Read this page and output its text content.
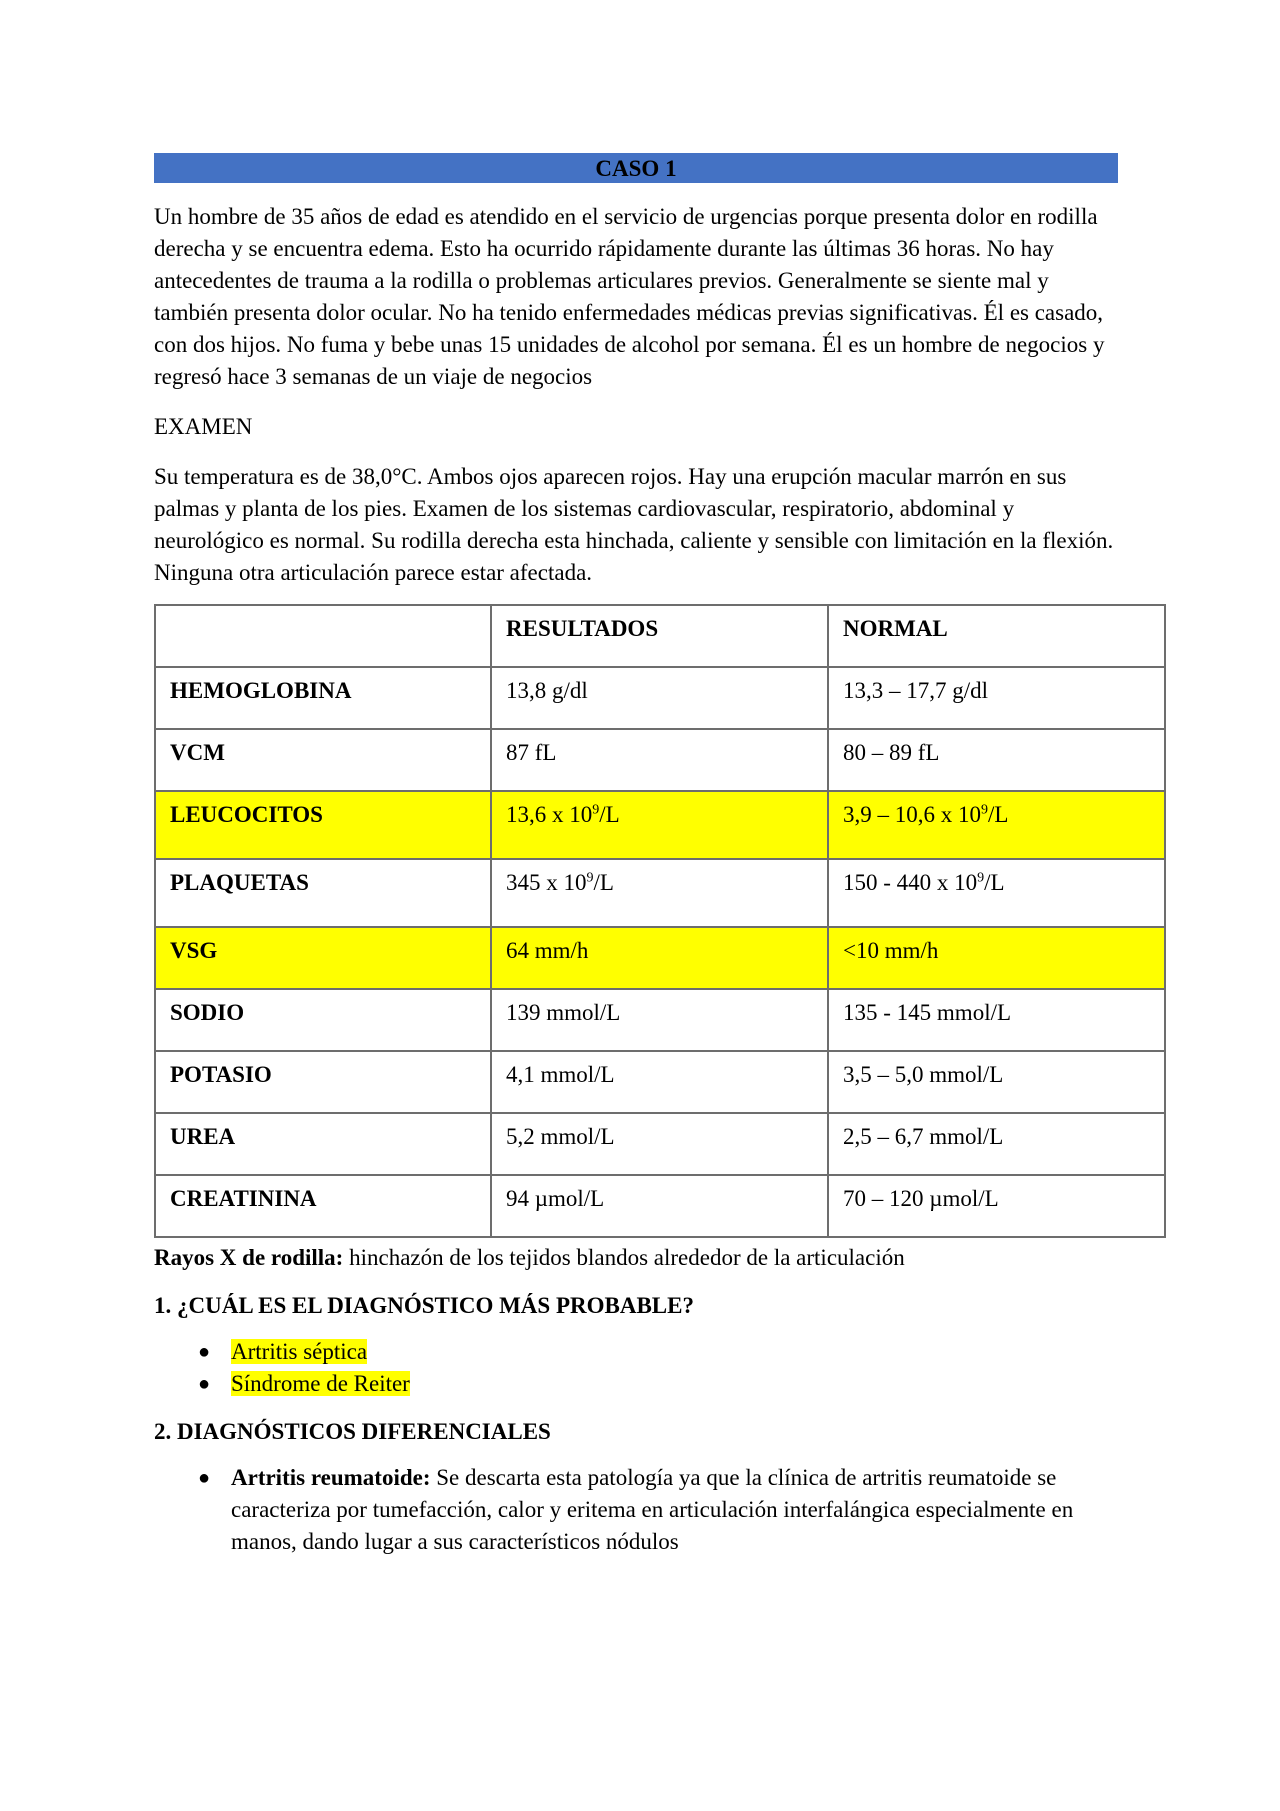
CASO 1

Un hombre de 35 años de edad es atendido en el servicio de urgencias porque presenta dolor en rodilla derecha y se encuentra edema. Esto ha ocurrido rápidamente durante las últimas 36 horas. No hay antecedentes de trauma a la rodilla o problemas articulares previos. Generalmente se siente mal y también presenta dolor ocular. No ha tenido enfermedades médicas previas significativas. Él es casado, con dos hijos. No fuma y bebe unas 15 unidades de alcohol por semana. Él es un hombre de negocios y regresó hace 3 semanas de un viaje de negocios

EXAMEN

Su temperatura es de 38,0°C. Ambos ojos aparecen rojos. Hay una erupción macular marrón en sus palmas y planta de los pies. Examen de los sistemas cardiovascular, respiratorio, abdominal y neurológico es normal. Su rodilla derecha esta hinchada, caliente y sensible con limitación en la flexión. Ninguna otra articulación parece estar afectada.

	RESULTADOS	NORMAL
HEMOGLOBINA	13,8 g/dl	13,3 – 17,7 g/dl
VCM	87 fL	80 – 89 fL
LEUCOCITOS	13,6 x $10^9/L$	3,9 – 10,6 x $10^9/L$
PLAQUETAS	345 x $10^9/L$	150 - 440 x $10^9/L$
VSG	64 mm/h	<10 mm/h
SODIO	139 mmol/L	135 - 145 mmol/L
POTASIO	4,1 mmol/L	3,5 – 5,0 mmol/L
UREA	5,2 mmol/L	2,5 – 6,7 mmol/L
CREATININA	94 µmol/L	70 – 120 µmol/L
Rayos X de rodilla: hinchazón de los tejidos blandos alrededor de la articulación
1. ¿CUÁL ES EL DIAGNÓSTICO MÁS PROBABLE?
● Artritis séptica
● Síndrome de Reiter
2. DIAGNÓSTICOS DIFERENCIALES
● Artritis reumatoide: Se descarta esta patología ya que la clínica de artritis reumatoide se caracteriza por tumefacción, calor y eritema en articulación interfalángica especialmente en manos, dando lugar a sus característicos nódulos
